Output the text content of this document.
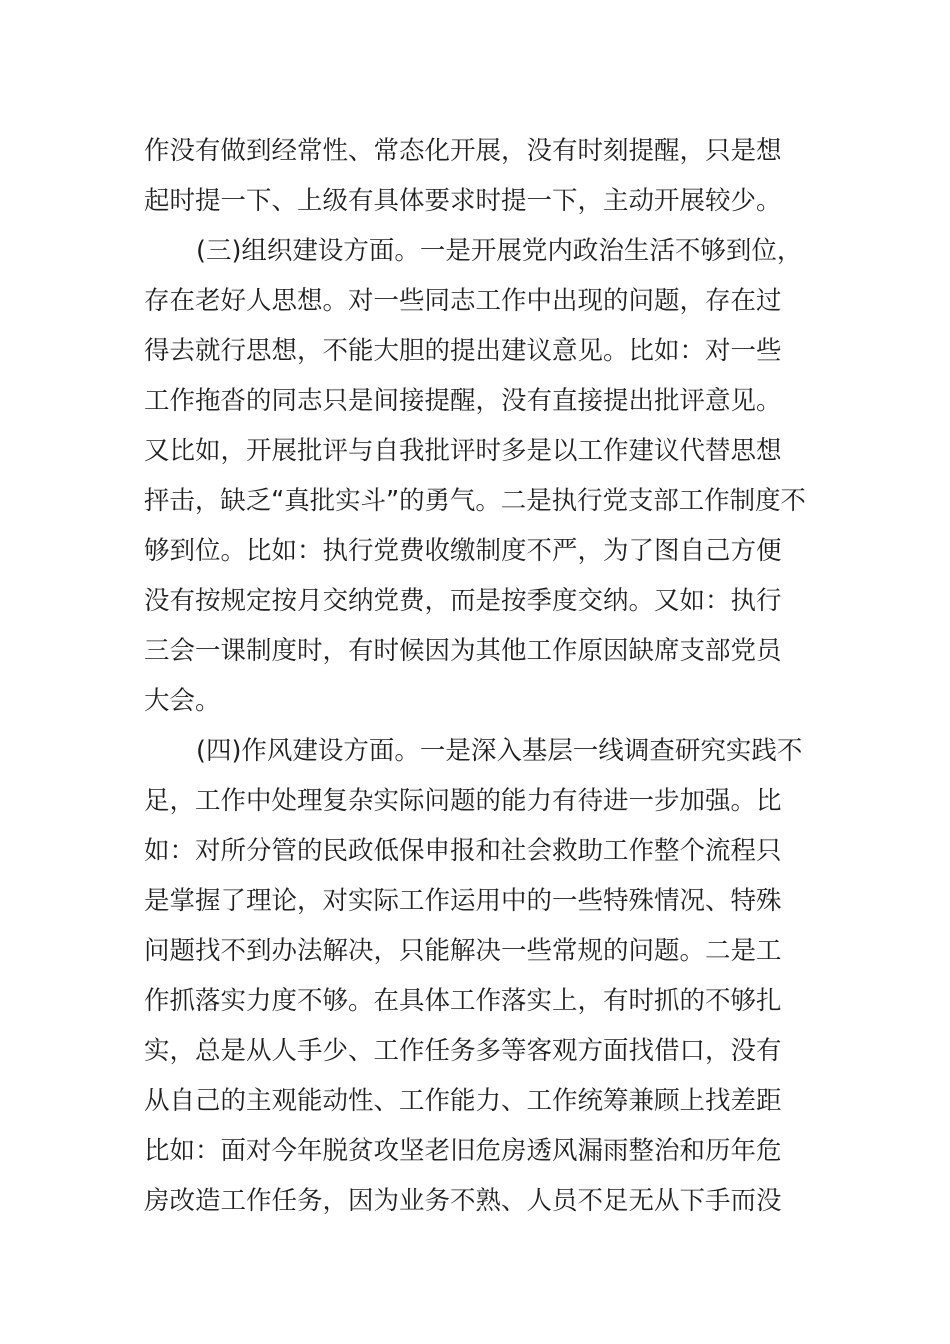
作没有做到经常性、常态化开展，没有时刻提醒，只是想
起时提一下、上级有具体要求时提一下，主动开展较少。
(三)组织建设方面。一是开展党内政治生活不够到位，
存在老好人思想。对一些同志工作中出现的问题，存在过
得去就行思想，不能大胆的提出建议意见。比如：对一些
工作拖沓的同志只是间接提醒，没有直接提出批评意见。
又比如，开展批评与自我批评时多是以工作建议代替思想
抨击，缺乏“真批实斗”的勇气。二是执行党支部工作制度不
够到位。比如：执行党费收缴制度不严，为了图自己方便
没有按规定按月交纳党费，而是按季度交纳。又如：执行
三会一课制度时，有时候因为其他工作原因缺席支部党员
大会。
(四)作风建设方面。一是深入基层一线调查研究实践不
足，工作中处理复杂实际问题的能力有待进一步加强。比
如：对所分管的民政低保申报和社会救助工作整个流程只
是掌握了理论，对实际工作运用中的一些特殊情况、特殊
问题找不到办法解决，只能解决一些常规的问题。二是工
作抓落实力度不够。在具体工作落实上，有时抓的不够扎
实，总是从人手少、工作任务多等客观方面找借口，没有
从自己的主观能动性、工作能力、工作统筹兼顾上找差距
比如：面对今年脱贫攻坚老旧危房透风漏雨整治和历年危
房改造工作任务，因为业务不熟、人员不足无从下手而没
